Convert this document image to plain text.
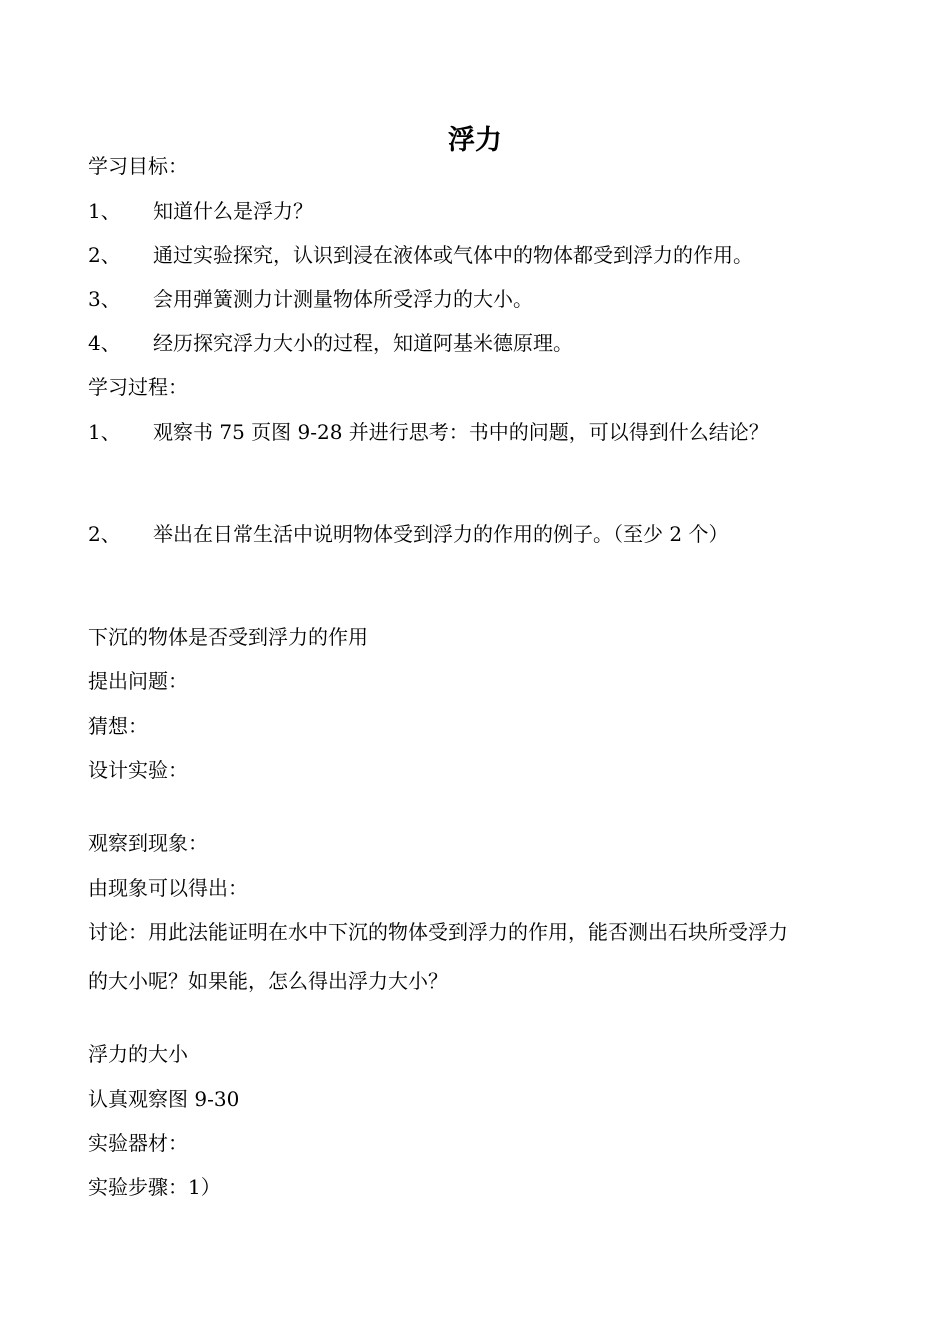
浮力
学习目标：
1、 知道什么是浮力？
2、 通过实验探究，认识到浸在液体或气体中的物体都受到浮力的作用。
3、 会用弹簧测力计测量物体所受浮力的大小。
4、 经历探究浮力大小的过程，知道阿基米德原理。
学习过程：
1、 观察书 75 页图 9-28 并进行思考：书中的问题，可以得到什么结论？
2、 举出在日常生活中说明物体受到浮力的作用的例子。（至少 2 个）
下沉的物体是否受到浮力的作用
提出问题：
猜想：
设计实验：
观察到现象：
由现象可以得出：
讨论：用此法能证明在水中下沉的物体受到浮力的作用，能否测出石块所受浮力
的大小呢？如果能，怎么得出浮力大小？
浮力的大小
认真观察图 9-30
实验器材：
实验步骤：1）
